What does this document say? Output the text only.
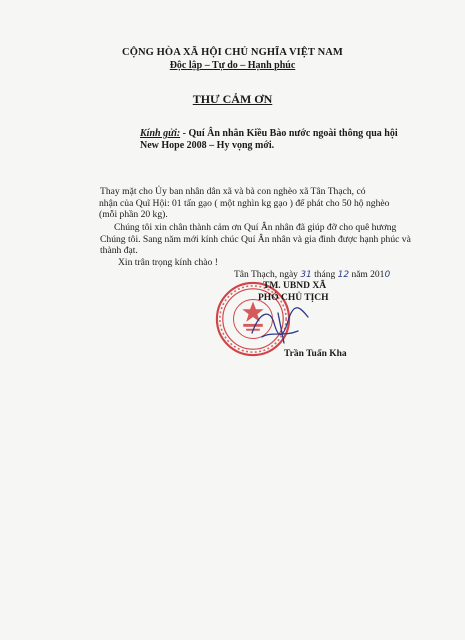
CỘNG HÒA XÃ HỘI CHỦ NGHĨA VIỆT NAM
Độc lập – Tự do – Hạnh phúc
THƯ CẢM ƠN
Kính gửi: - Quí Ân nhân Kiều Bào nước ngoài thông qua hội
New Hope 2008 – Hy vọng mới.
Thay mặt cho Ủy ban nhân dân xã và bà con nghèo xã Tân Thạch, có
nhận của Quĩ Hội: 01 tấn gạo ( một nghìn kg gạo ) để phát cho 50 hộ nghèo
(mỗi phần 20 kg).
Chúng tôi xin chân thành cảm ơn Quí Ân nhân đã giúp đỡ cho quê hương
Chúng tôi. Sang năm mới kính chúc Quí Ân nhân và gia đình được hạnh phúc và
thành đạt.
Xin trân trọng kính chào !
Tân Thạch, ngày 31 tháng 12 năm 2010
TM. UBND XÃ
PHÓ CHỦ TỊCH
Trần Tuấn Kha
